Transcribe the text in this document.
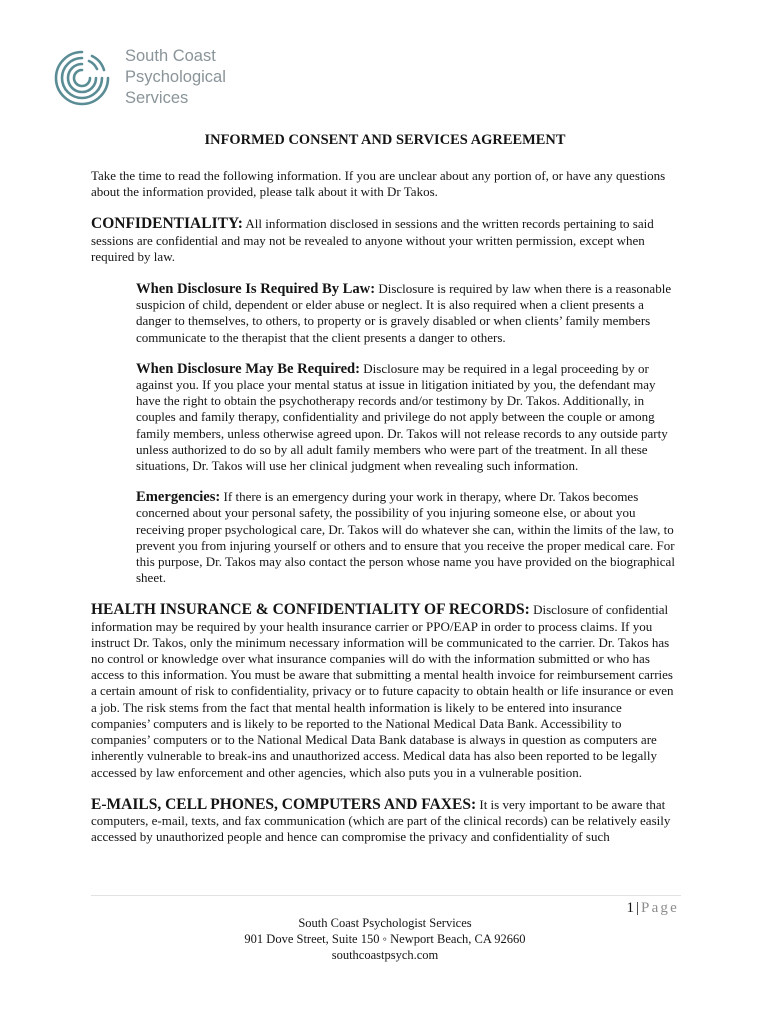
South Coast
Psychological
Services
INFORMED CONSENT AND SERVICES AGREEMENT

Take the time to read the following information. If you are unclear about any portion of, or have any questions about the information provided, please talk about it with Dr Takos.

CONFIDENTIALITY: All information disclosed in sessions and the written records pertaining to said sessions are confidential and may not be revealed to anyone without your written permission, except when required by law.

When Disclosure Is Required By Law: Disclosure is required by law when there is a reasonable suspicion of child, dependent or elder abuse or neglect. It is also required when a client presents a danger to themselves, to others, to property or is gravely disabled or when clients’ family members communicate to the therapist that the client presents a danger to others.

When Disclosure May Be Required: Disclosure may be required in a legal proceeding by or against you. If you place your mental status at issue in litigation initiated by you, the defendant may have the right to obtain the psychotherapy records and/or testimony by Dr. Takos. Additionally, in couples and family therapy, confidentiality and privilege do not apply between the couple or among family members, unless otherwise agreed upon. Dr. Takos will not release records to any outside party unless authorized to do so by all adult family members who were part of the treatment. In all these situations, Dr. Takos will use her clinical judgment when revealing such information.

Emergencies: If there is an emergency during your work in therapy, where Dr. Takos becomes concerned about your personal safety, the possibility of you injuring someone else, or about you receiving proper psychological care, Dr. Takos will do whatever she can, within the limits of the law, to prevent you from injuring yourself or others and to ensure that you receive the proper medical care. For this purpose, Dr. Takos may also contact the person whose name you have provided on the biographical sheet.

HEALTH INSURANCE & CONFIDENTIALITY OF RECORDS: Disclosure of confidential information may be required by your health insurance carrier or PPO/EAP in order to process claims. If you instruct Dr. Takos, only the minimum necessary information will be communicated to the carrier. Dr. Takos has no control or knowledge over what insurance companies will do with the information submitted or who has access to this information. You must be aware that submitting a mental health invoice for reimbursement carries a certain amount of risk to confidentiality, privacy or to future capacity to obtain health or life insurance or even a job. The risk stems from the fact that mental health information is likely to be entered into insurance companies’ computers and is likely to be reported to the National Medical Data Bank. Accessibility to companies’ computers or to the National Medical Data Bank database is always in question as computers are inherently vulnerable to break-ins and unauthorized access. Medical data has also been reported to be legally accessed by law enforcement and other agencies, which also puts you in a vulnerable position.

E-MAILS, CELL PHONES, COMPUTERS AND FAXES: It is very important to be aware that computers, e-mail, texts, and fax communication (which are part of the clinical records) can be relatively easily accessed by unauthorized people and hence can compromise the privacy and confidentiality of such

1 | Page
South Coast Psychologist Services
901 Dove Street, Suite 150 ◦ Newport Beach, CA 92660
southcoastpsych.com
